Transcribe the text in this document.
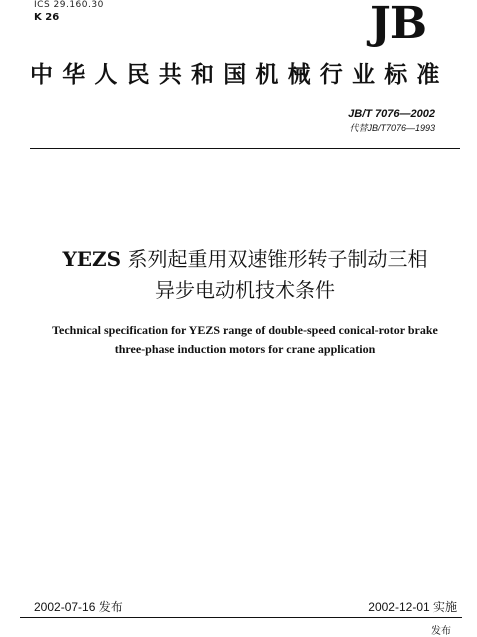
ICS 29.160.30
K 26	JB
中华人民共和国机械行业标准
JB/T 7076—2002
代替JB/T7076—1993
YEZS 系列起重用双速锥形转子制动三相
异步电动机技术条件
Technical specification for YEZS range of double-speed conical-rotor brake
three-phase induction motors for crane application
2002-07-16 发布	2002-12-01 实施
发布
